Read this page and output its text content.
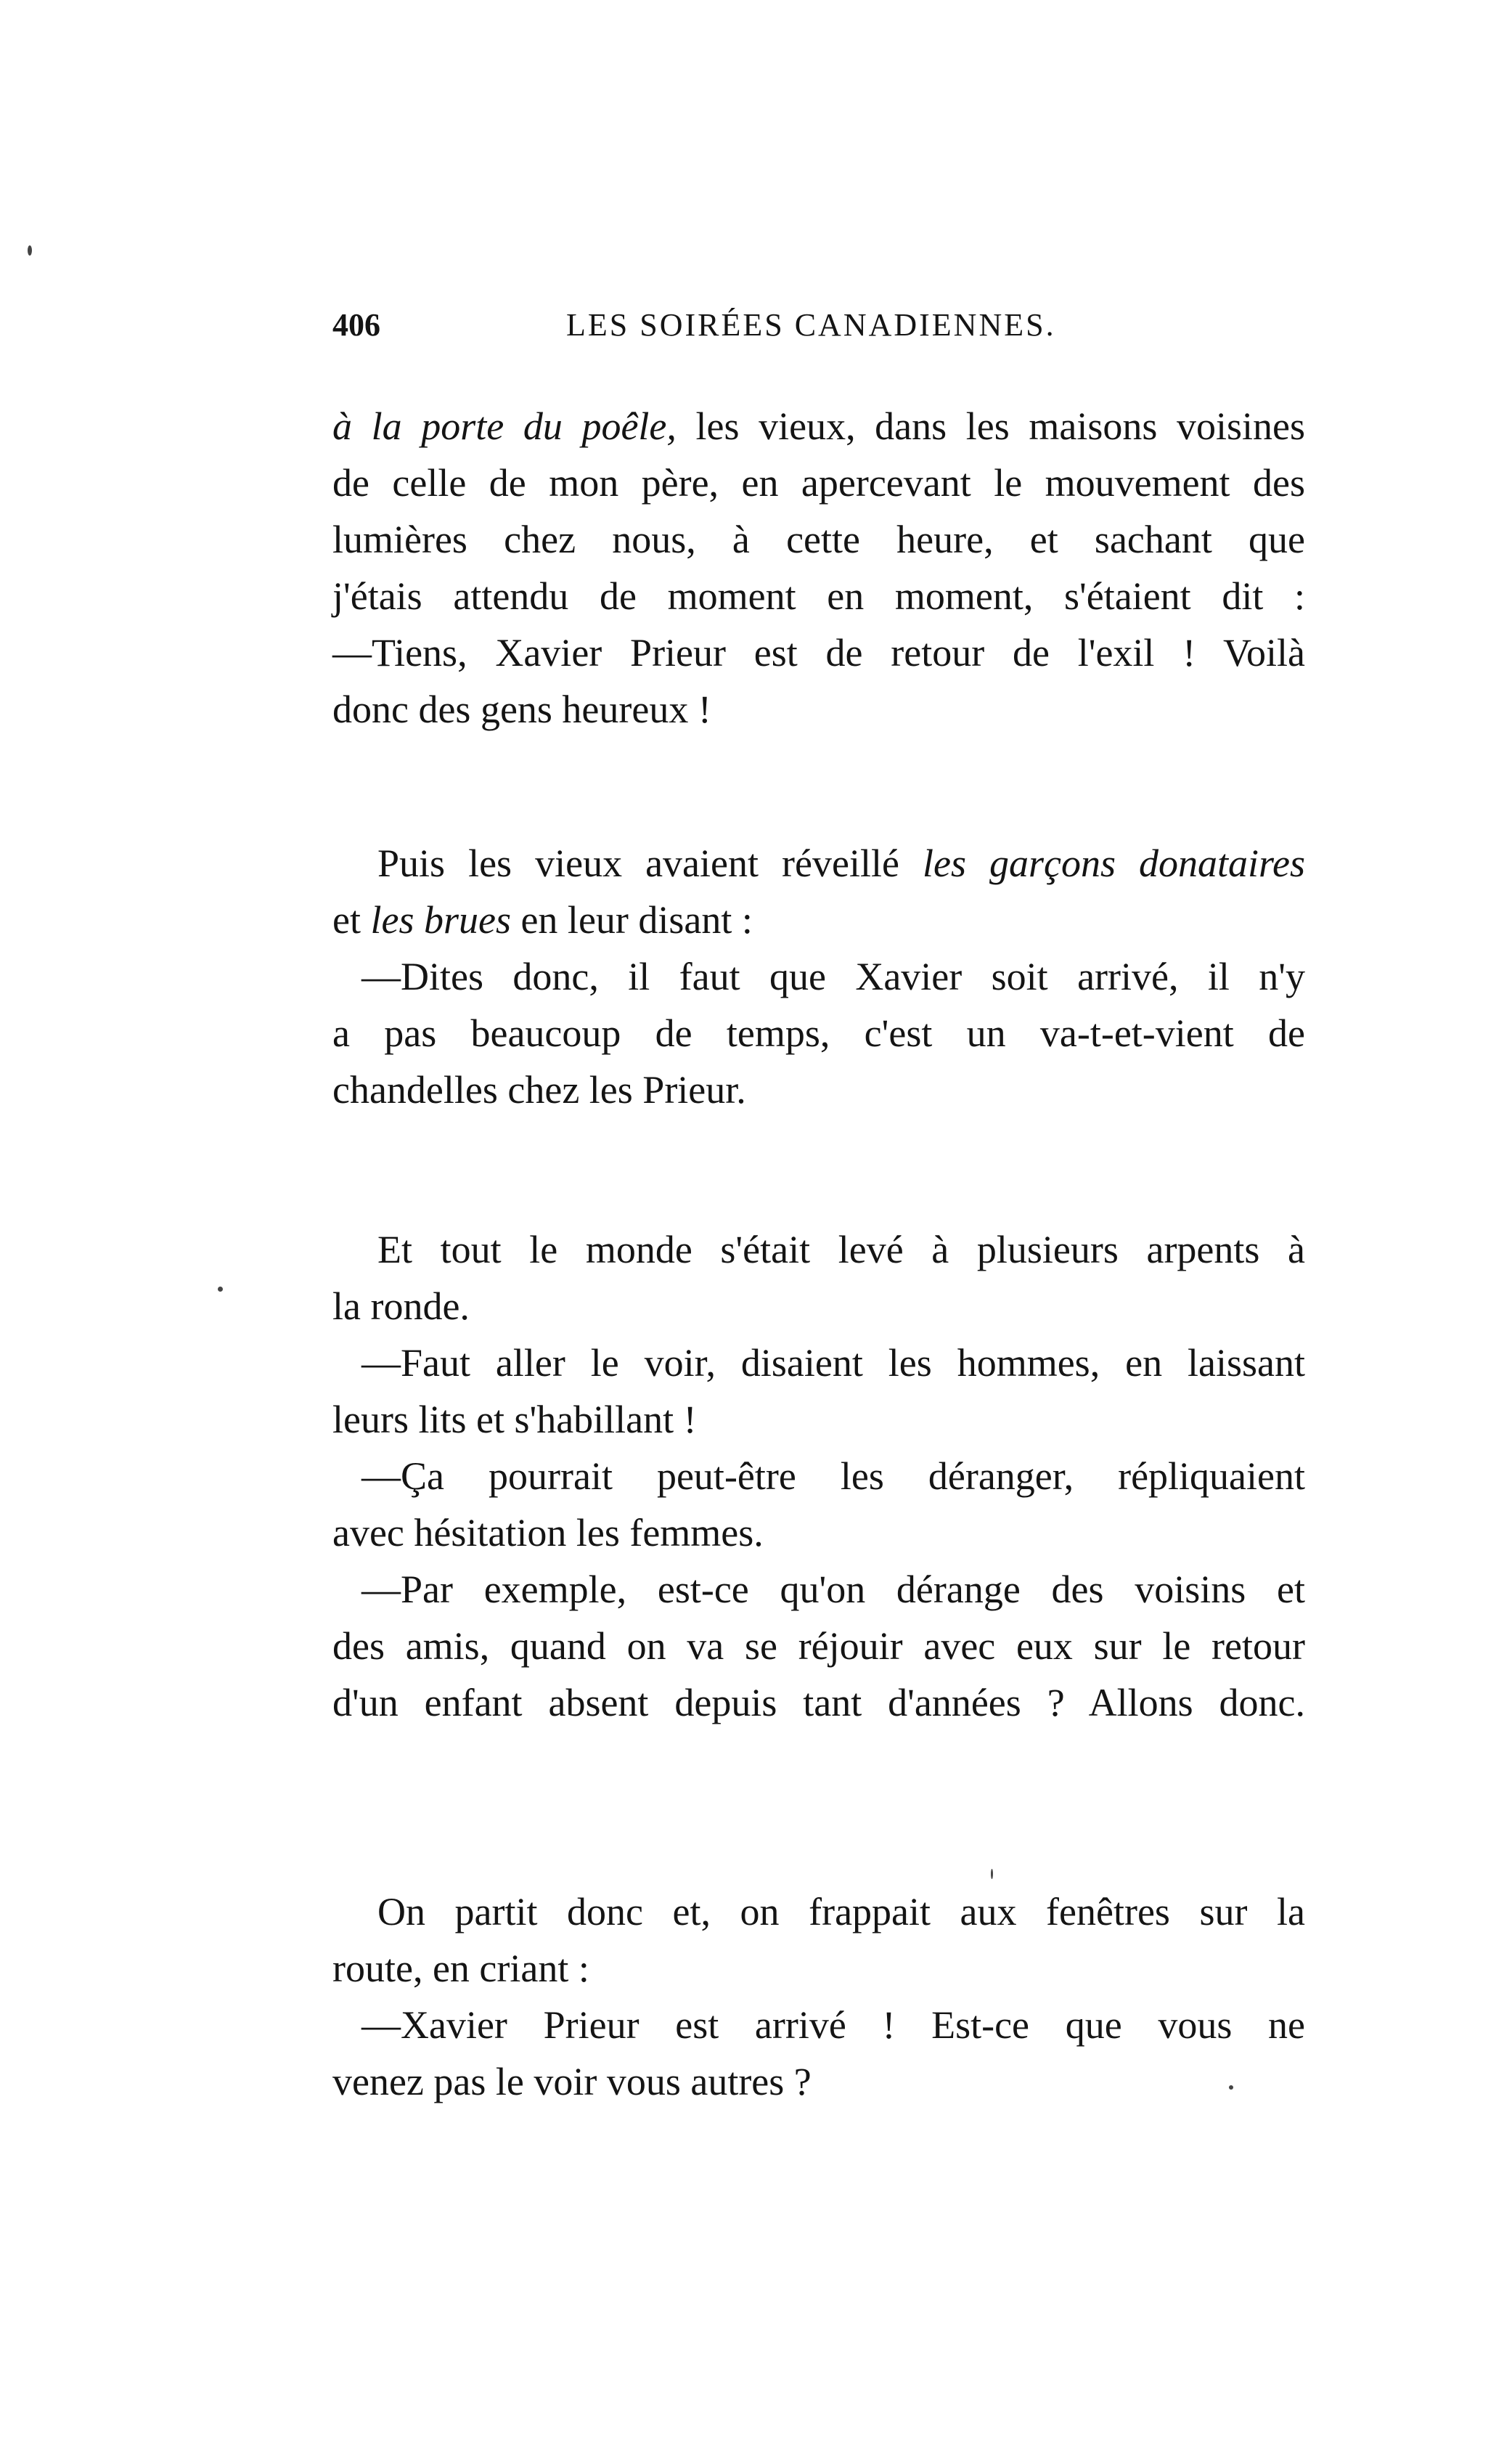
406	LES SOIRÉES CANADIENNES.
à la porte du poêle, les vieux, dans les maisons voisines
de celle de mon père, en apercevant le mouvement des
lumières chez nous, à cette heure, et sachant que
j'étais attendu de moment en moment, s'étaient dit :
—Tiens, Xavier Prieur est de retour de l'exil ! Voilà
donc des gens heureux !
Puis les vieux avaient réveillé les garçons donataires
et les brues en leur disant :
—Dites donc, il faut que Xavier soit arrivé, il n'y
a pas beaucoup de temps, c'est un va-t-et-vient de
chandelles chez les Prieur.
Et tout le monde s'était levé à plusieurs arpents à
la ronde.
—Faut aller le voir, disaient les hommes, en laissant
leurs lits et s'habillant !
—Ça pourrait peut-être les déranger, répliquaient
avec hésitation les femmes.
—Par exemple, est-ce qu'on dérange des voisins et
des amis, quand on va se réjouir avec eux sur le retour
d'un enfant absent depuis tant d'années ? Allons donc.
On partit donc et, on frappait aux fenêtres sur la
route, en criant :
—Xavier Prieur est arrivé ! Est-ce que vous ne
venez pas le voir vous autres ?
